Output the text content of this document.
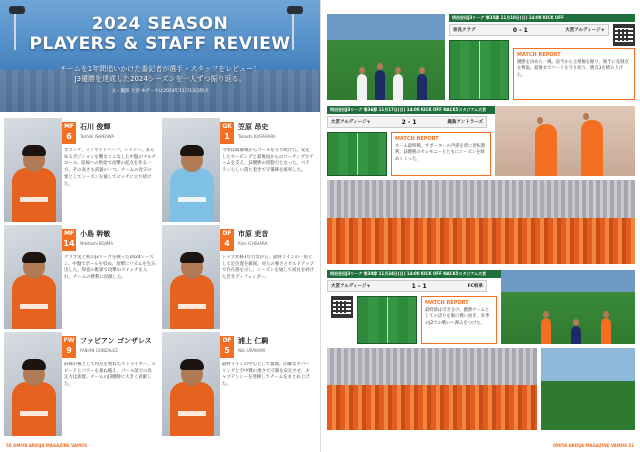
2024 SEASON
PLAYERS & STAFF REVIEW
チームを1年間追いかけた番記者が選手・スタッフをレビュー！
J3優勝を達成した2024シーズンを一人ずつ振り返る。
文・撮影 大宮 ※データは2024年11月13日時点
MF
6
石川 俊輝
Toshiki ISHIKAWA
ボランチ、インサイドハーフ、シャドー。あらゆるポジションを難なくこなした中盤のマルチロール。前線への供給で攻撃の起点を作る一方、その高さも武器の一つ。チームの攻守の要としてシーズンを通してピッチに立ち続けた。
GK
1
笠原 昂史
Takashi KASAHARA
今季は開幕戦からゴールを守り続けた。安定したセービングと最後尾からのコーチングでチームを支え、J3優勝の原動力となった。ベテランらしい落ち着きで守備陣を統率した。
MF
14
小島 幹敏
Mikitoshi KOJIMA
クラブ史上初のJ3リーグを戦った2024シーズン。中盤でボールを収め、攻撃にリズムを生み出した。得意の配球で攻撃のスイッチを入れ、チームの勝利に貢献した。
DF
4
市原 吏音
Rion ICHIHARA
トップ昇格1年目ながら、最終ラインの一角として定位置を確保。対人の強さとビルドアップで存在感を示し、シーズンを通して成長を続けた若きディフェンダー。
FW
9
ファビアン ゴンザレス
FABIAN GONZALEZ
前線の核として得点を重ねたストライカー。スピードとパワーを兼ね備え、ゴール前での決定力は抜群。チームのJ3優勝に大きく貢献した。
DF
5
浦上 仁騎
Niki URAKAMI
最終ラインの中心として奮闘。的確なカバーリングと空中戦の強さで守備を安定させ、キャプテンシーを発揮してチームをまとめ上げた。
50 OMIYA ARDIJA MAGAZINE VAMOS
明治安田J3リーグ 第35節 11月10日(日) 14:00 KICK OFF
奈良クラブ	0 - 1	大宮アルディージャ
MATCH REPORT
優勝を決めた一戦。前半から主導権を握り、後半に先制点を奪取。最後までリードを守り切り、勝点3を積み上げた。
明治安田J3リーグ 第36節 11月17日(日) 14:00 KICK OFF NACK5スタジアム大宮
大宮アルディージャ	2 - 1	鹿島アントラーズ
MATCH REPORT
ホーム最終戦。サポーターの声援を背に逆転勝利。J3優勝のセレモニーとともにシーズンを締めくくった。
明治安田J3リーグ 第38節 11月24日(日) 14:00 KICK OFF NACK5スタジアム大宮
大宮アルディージャ	1 - 1	FC岐阜
MATCH REPORT
最終節は引き分け。優勝チームとしての誇りを胸に戦い抜き、来季のJ2での戦いへ弾みをつけた。
OMIYA ARDIJA MAGAZINE VAMOS 51
